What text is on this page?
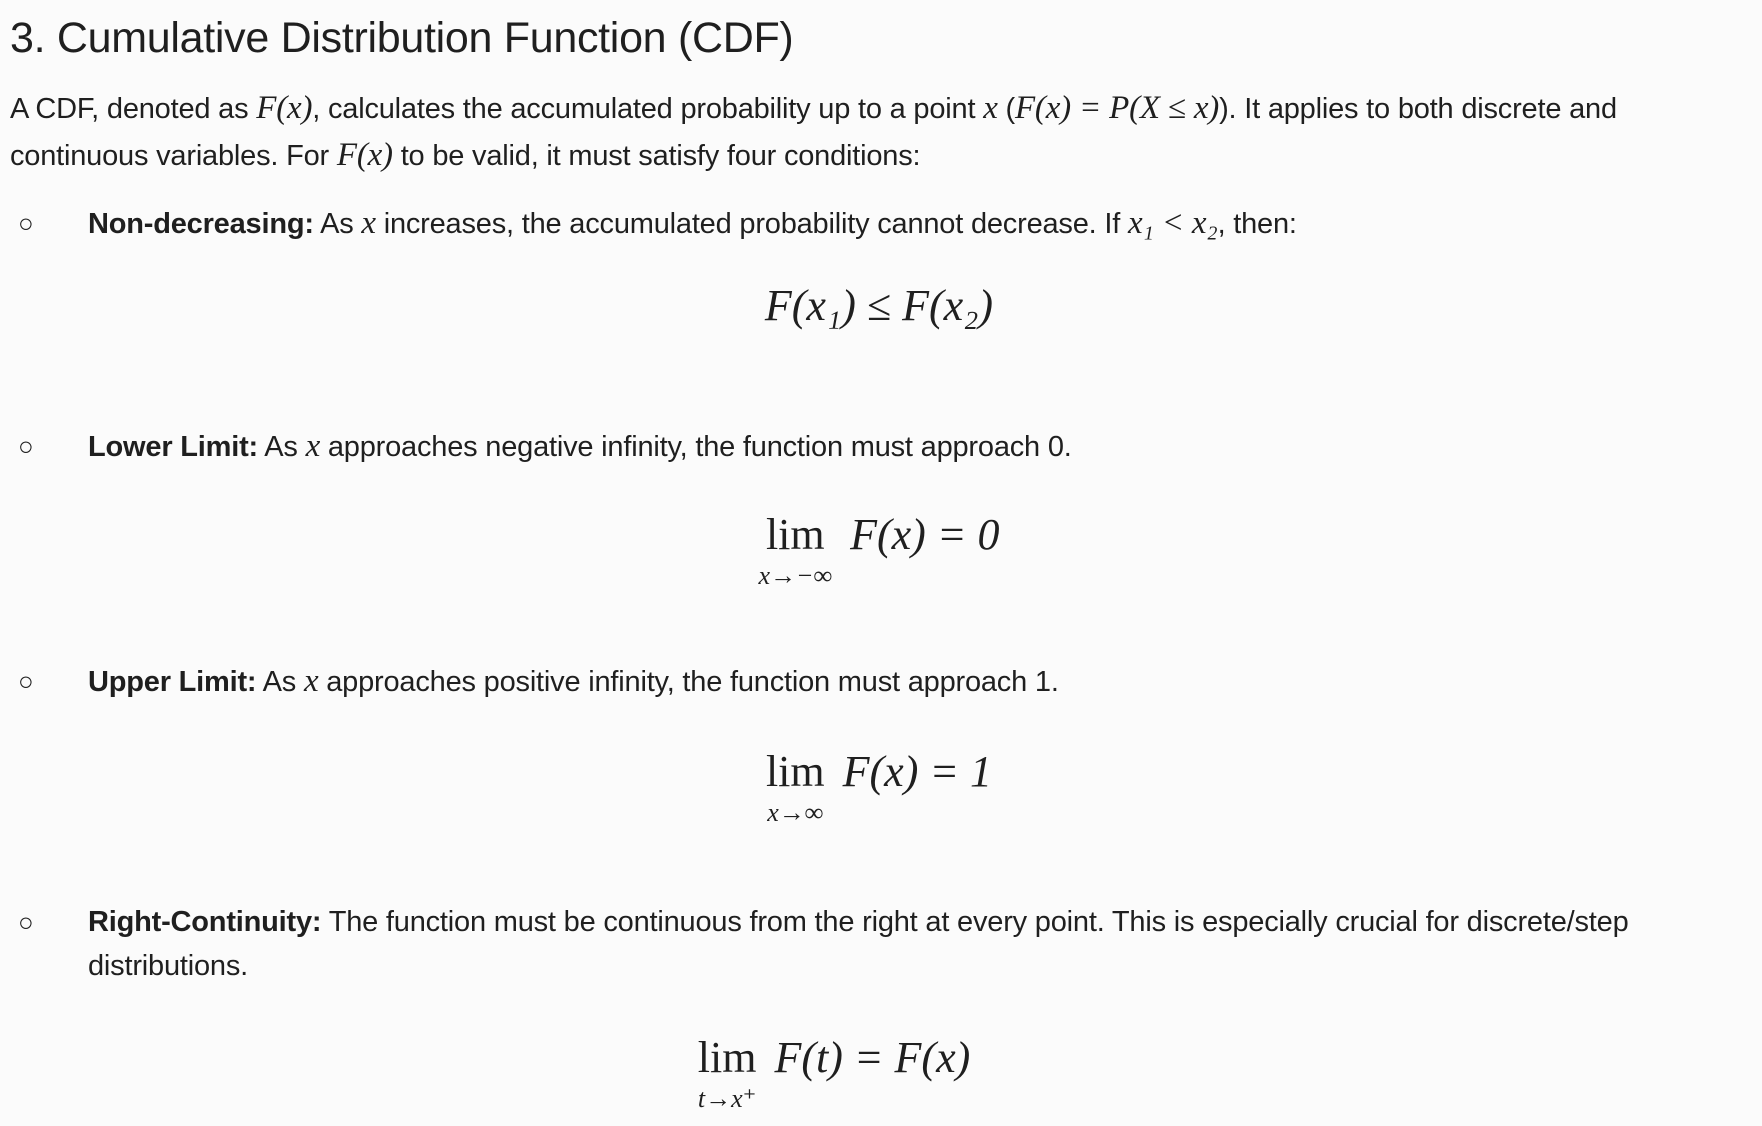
3. Cumulative Distribution Function (CDF)

A CDF, denoted as F(x), calculates the accumulated probability up to a point x (F(x) = P(X ≤ x)). It applies to both discrete and continuous variables. For F(x) to be valid, it must satisfy four conditions:

○ Non-decreasing: As x increases, the accumulated probability cannot decrease. If x₁ < x₂, then:

F(x₁) ≤ F(x₂)
○ Lower Limit: As x approaches negative infinity, the function must approach 0.

lim
x→−∞
F(x) = 0
○ Upper Limit: As x approaches positive infinity, the function must approach 1.

lim
x→∞
F(x) = 1
○ Right-Continuity: The function must be continuous from the right at every point. This is especially crucial for discrete/step distributions.

lim
t→x⁺
F(t) = F(x)
